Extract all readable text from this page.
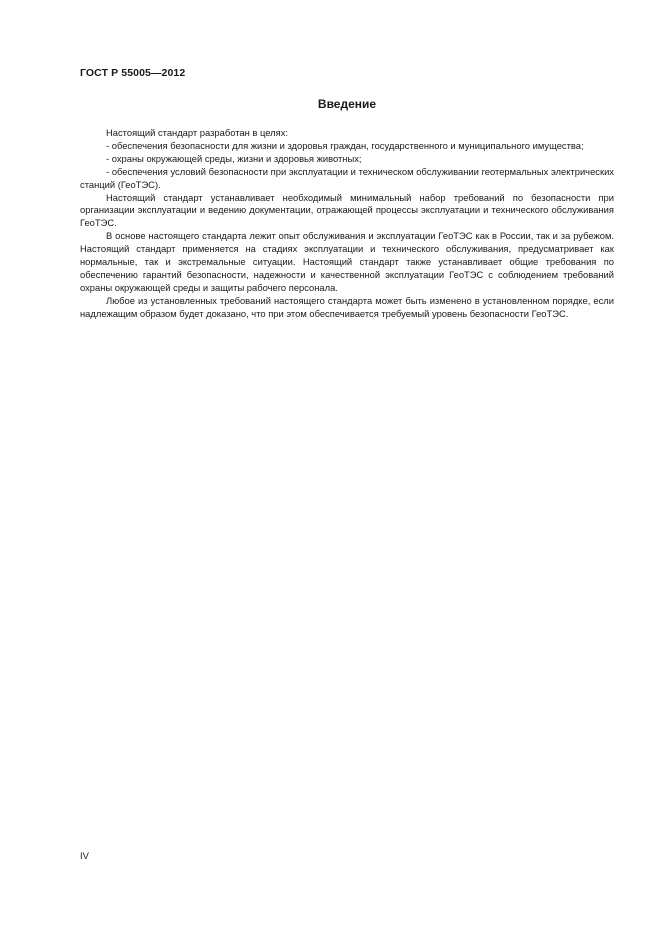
ГОСТ Р 55005—2012
Введение

Настоящий стандарт разработан в целях:

- обеспечения безопасности для жизни и здоровья граждан, государственного и муниципального имущества;

- охраны окружающей среды, жизни и здоровья животных;

- обеспечения условий безопасности при эксплуатации и техническом обслуживании геотермальных электрических станций (ГеоТЭС).

Настоящий стандарт устанавливает необходимый минимальный набор требований по безопасности при организации эксплуатации и ведению документации, отражающей процессы эксплуатации и технического обслуживания ГеоТЭС.

В основе настоящего стандарта лежит опыт обслуживания и эксплуатации ГеоТЭС как в России, так и за рубежом. Настоящий стандарт применяется на стадиях эксплуатации и технического обслуживания, предусматривает как нормальные, так и экстремальные ситуации. Настоящий стандарт также устанавливает общие требования по обеспечению гарантий безопасности, надежности и качественной эксплуатации ГеоТЭС с соблюдением требований охраны окружающей среды и защиты рабочего персонала.

Любое из установленных требований настоящего стандарта может быть изменено в установленном порядке, если надлежащим образом будет доказано, что при этом обеспечивается требуемый уровень безопасности ГеоТЭС.

IV
